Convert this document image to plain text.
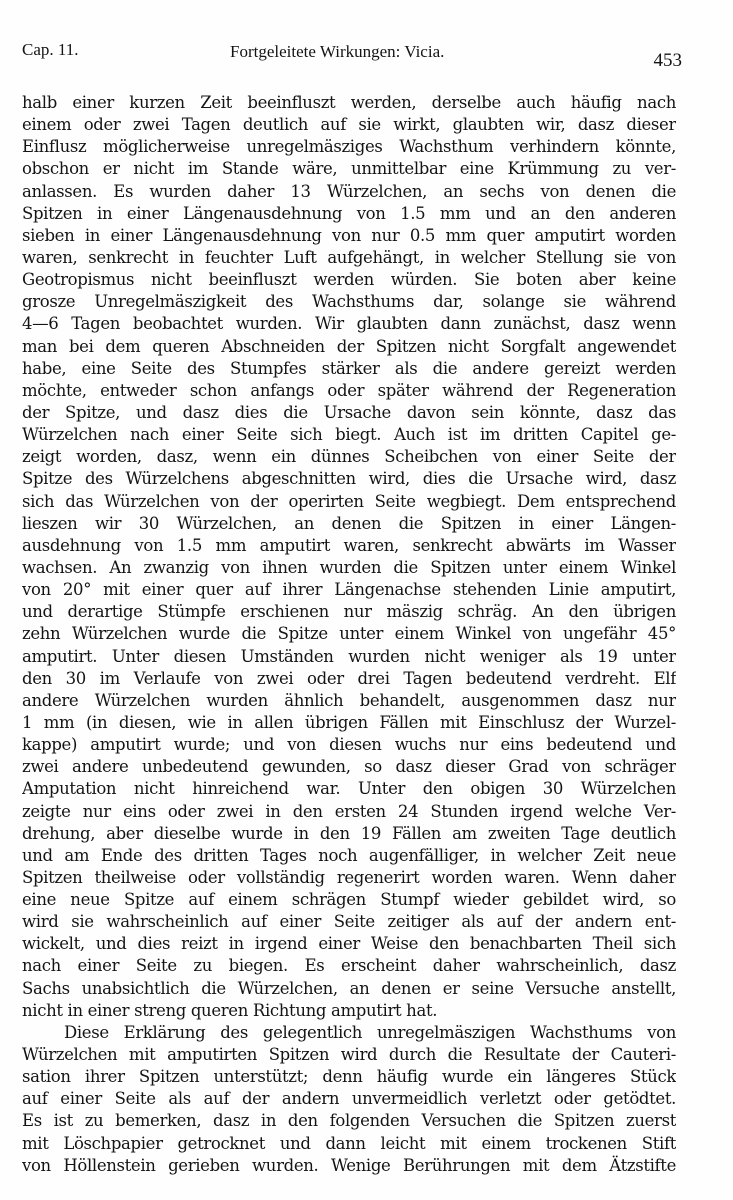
Cap. 11.	Fortgeleitete Wirkungen: Vicia.	453
halb einer kurzen Zeit beeinfluszt werden, derselbe auch häufig nach
einem oder zwei Tagen deutlich auf sie wirkt, glaubten wir, dasz dieser
Einflusz möglicherweise unregelmäsziges Wachsthum verhindern könnte,
obschon er nicht im Stande wäre, unmittelbar eine Krümmung zu ver-
anlassen. Es wurden daher 13 Würzelchen, an sechs von denen die
Spitzen in einer Längenausdehnung von 1.5 mm und an den anderen
sieben in einer Längenausdehnung von nur 0.5 mm quer amputirt worden
waren, senkrecht in feuchter Luft aufgehängt, in welcher Stellung sie von
Geotropismus nicht beeinfluszt werden würden. Sie boten aber keine
grosze Unregelmäszigkeit des Wachsthums dar, solange sie während
4—6 Tagen beobachtet wurden. Wir glaubten dann zunächst, dasz wenn
man bei dem queren Abschneiden der Spitzen nicht Sorgfalt angewendet
habe, eine Seite des Stumpfes stärker als die andere gereizt werden
möchte, entweder schon anfangs oder später während der Regeneration
der Spitze, und dasz dies die Ursache davon sein könnte, dasz das
Würzelchen nach einer Seite sich biegt. Auch ist im dritten Capitel ge-
zeigt worden, dasz, wenn ein dünnes Scheibchen von einer Seite der
Spitze des Würzelchens abgeschnitten wird, dies die Ursache wird, dasz
sich das Würzelchen von der operirten Seite wegbiegt. Dem entsprechend
lieszen wir 30 Würzelchen, an denen die Spitzen in einer Längen-
ausdehnung von 1.5 mm amputirt waren, senkrecht abwärts im Wasser
wachsen. An zwanzig von ihnen wurden die Spitzen unter einem Winkel
von 20° mit einer quer auf ihrer Längenachse stehenden Linie amputirt,
und derartige Stümpfe erschienen nur mäszig schräg. An den übrigen
zehn Würzelchen wurde die Spitze unter einem Winkel von ungefähr 45°
amputirt. Unter diesen Umständen wurden nicht weniger als 19 unter
den 30 im Verlaufe von zwei oder drei Tagen bedeutend verdreht. Elf
andere Würzelchen wurden ähnlich behandelt, ausgenommen dasz nur
1 mm (in diesen, wie in allen übrigen Fällen mit Einschlusz der Wurzel-
kappe) amputirt wurde; und von diesen wuchs nur eins bedeutend und
zwei andere unbedeutend gewunden, so dasz dieser Grad von schräger
Amputation nicht hinreichend war. Unter den obigen 30 Würzelchen
zeigte nur eins oder zwei in den ersten 24 Stunden irgend welche Ver-
drehung, aber dieselbe wurde in den 19 Fällen am zweiten Tage deutlich
und am Ende des dritten Tages noch augenfälliger, in welcher Zeit neue
Spitzen theilweise oder vollständig regenerirt worden waren. Wenn daher
eine neue Spitze auf einem schrägen Stumpf wieder gebildet wird, so
wird sie wahrscheinlich auf einer Seite zeitiger als auf der andern ent-
wickelt, und dies reizt in irgend einer Weise den benachbarten Theil sich
nach einer Seite zu biegen. Es erscheint daher wahrscheinlich, dasz
Sachs unabsichtlich die Würzelchen, an denen er seine Versuche anstellt,
nicht in einer streng queren Richtung amputirt hat.
Diese Erklärung des gelegentlich unregelmäszigen Wachsthums von
Würzelchen mit amputirten Spitzen wird durch die Resultate der Cauteri-
sation ihrer Spitzen unterstützt; denn häufig wurde ein längeres Stück
auf einer Seite als auf der andern unvermeidlich verletzt oder getödtet.
Es ist zu bemerken, dasz in den folgenden Versuchen die Spitzen zuerst
mit Löschpapier getrocknet und dann leicht mit einem trockenen Stift
von Höllenstein gerieben wurden. Wenige Berührungen mit dem Ätzstifte
